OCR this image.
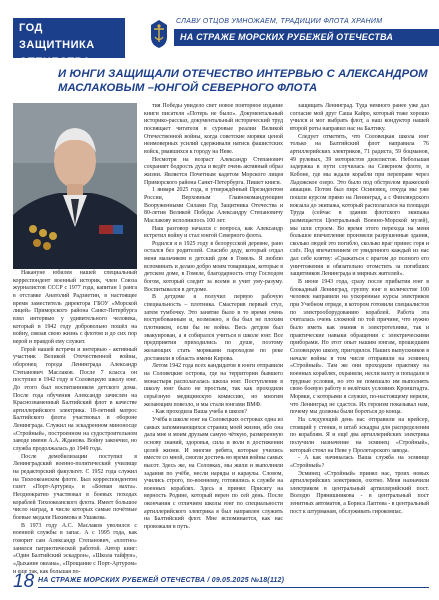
ГОД ЗАЩИТНИКА
ОТЕЧЕСТВА
СЛАВУ ОТЦОВ УМНОЖАЕМ, ТРАДИЦИИ ФЛОТА ХРАНИМ
НА СТРАЖЕ МОРСКИХ РУБЕЖЕЙ ОТЕЧЕСТВА
И ЮНГИ ЗАЩИЩАЛИ ОТЕЧЕСТВО ИНТЕРВЬЮ С АЛЕКСАНДРОМ МАСЛАКОВЫМ –ЮНГОЙ СЕВЕРНОГО ФЛОТА

Накануне юбилея нашей специальный корреспондент военный историк, член Союза журналистов СССР с 1977 года, капитан 1 ранга в отставке Анатолий Радзиетин, в настоящее время заместитель директора ГБОУ «Морской лицей» Приморского района Санкт-Петербурга взял интервью у удивительного человека, который в 1942 году добровольно пошёл на войну, связав свою жизнь с флотом и до сих пор верой и правдой ему служит.

Герой нашей встречи и интервью - активный участник Великой Отечественной войны, оборонец города Ленинграда Александр Степанович Маслаков. После 7 класса он поступил в 1942 году в Соловецкую школу юнг. До этого был воспитанником детского дома. После года обучения Александр зачислен на Краснознаменный Балтийский флот в качестве артиллерийского электрика. 18-летний матрос Балтийского флота участвовал в обороне Ленинграда. Служил на эскадренном миноносце «Стройный», построенном на судостроительном заводе имени А.А. Жданова. Войну закончил, но служба продолжалась до 1949 года.

После демобилизации поступил в Ленинградский военно-политический училище на редакторский факультет. С 1952 года служил на Тихоокеанском флоте. Был корреспондентом газет «Порт-Артурец» и «Боевая вахта». Неоднократно участвовал в боевых походах кораблей Тихоокеанского флота. Имеет большое число наград, в числе которых самые почётные боевые медали Нахимова и Ушакова.

В 1973 году А.С. Маслаков уволился с военной службы в запас. А с 1995 года, как говорит сам Александр Степанович, «плотно» занялся патриотической работой. Автор книг: «Один Балтийский эскадрон», «Школа тайфун», «Дыхание океана», «Прощание с Порт-Артуром» и еще так, как большая по-

тия Победы увидело свет новое повторное издание книги писателя «Потерь не было». Документальный историко-рассказ, документальный исторический труд посвящает читателя в суровые реалии Великой Отечественной войны, когда советские моряки ценой неимоверных усилий сдерживали натиск фашистских войск, рвавшихся к городу на Неве.

Несмотря на возраст Александр Степанович сохраняет бодрость духа и ведёт очень активный образ жизни. Является Почетным кадетом Морского лицея Приморского района Санкт-Петербурга. Пишет книги.

1 января 2025 года, в утверждённый Президентом России, Верховным Главнокомандующим Вооруженными Силами Год Защитника Отечества и 80-летия Великой Победы Александру Степановичу Маслакову исполнилось 100 лет.

Наш разговор начался с вопроса, как Александр встретил войну и стал юнгой Северного флота.

Родился я в 1925 году в белорусской деревне, рано остался без родителей. Спасибо деду, который отдал меня мальчиком в детский дом в Гомель. Я люблю вспоминать и делаю добро моим товарищам, которые в детском доме, в Гомеле, благодарность отцу Господом богом, который следит за всеми и учит уму-разуму. Воспитывался в детдоме.

В детдоме я получил первую рабочую специальность – плотника. Смастерив первый стул, затем тумбочку. Это занятие было в то время очень востребованным и, возможно, я бы был не плохим плотником, если бы не война. Весь детдом был эвакуирован, а я собирался учиться в школе юнг. Все предприятия приходились по душе, поэтому желающих стать моряками пароходом по реке доставили в область имени Кирова.

Летом 1942 года всех кандидатов в юнги отправили на Соловецкие острова, где на территории бывшего монастыря располагалась школа юнг. Поступление в школу юнг было не простым, так как проходили серьёзную медицинскую комиссию, но многим желающим повезло, и мы стали юнгами ВМФ.

- Как проходила Ваша учеба в школе?

Учёба в школе юнг на Соловецких островах одна из самых запоминающихся страниц моей жизни, ибо она дала мне и моим друзьям самую чёткую, размеренную основу знаний, здоровья, сила и воли в достижении целей жизни. И многие ребята, которые учились вместе со мной, смогли достичь во время войны самых высот. Здесь же, на Соловках, мы жили и выполняли задания по учёбе, несли наряды и караулы. Словом, учились строго, по-военному, готовились к службе на военных кораблях. Здесь я принял Присягу на верность Родине, который верен по сей день. После окончания с отличием школы юнг по специальности артиллерийского электрика я был направлен служить на Балтийский флот. Мне вспоминается, как нас провожали в путь.

защищать Ленинград. Туда немного ранее уже дал согласие мой друг Саша Кайро, который тоже хорошо учился и мог выбрать флот, а наш кондуктор нашей второй роты направил нас на Балтику.

Следует отметить, что Соловецкая школа юнг только на Балтийский флот направила 76 артиллерийских электриков, 71 радиста, 59 боцманов, 49 рулевых, 39 мотористов дизелистов. Небольшая задержка в пути случилась на Северном флоте, в Кобоне, где мы ждали корабли при переправе через Ладожское озеро. Это было под обстрелом вражеской авиации. Потом был пирс Осиновец, откуда мы уже пошли курсом прямо на Ленинград, а с Финляндского вокзала до экипажа, который располагался на площади Труда (сейчас в здании флотского экипажа размещается Центральный Военно-Морской музей), мы шли строем. Во время этого перехода на меня большое впечатление произвели разрушенные здания, сколько людей это погибло, сколько враг принес горя и слёз. Под впечатлением от увиденного каждый из нас дал себе клятву: «Сражаться с врагом до полного его уничтожения и обязательно отомстить за погибших защитников Ленинграда и мирных жителей».

В июне 1943 года, сразу после прибытия юнг в блокадный Ленинград, группу юнг в количестве 100 человек направили на ускоренные курсы электриков при Учебном отряде, в котором готовили специалистов по электрооборудованию кораблей. Работа эта считалась очень сложной по той причине, что нужно было иметь как знания в электротехнике, так и практические навыки обращения с электрическими приборами. Но этот опыт нашим юнгам, прошедшим Соловецкую школу, пригодился. Наших выпускников в начале войны в том числе отправили на эсминец «Стройный». Там же они проходили практику на военных кораблях, охраняли, несли вахту и попадали в трудные условия, но это не помешало им выполнять свою боевую работу в нелёгких условиях Кронштадта. Моряки, с которыми я служил, по-настоящему верили, что Ленинград не сдастся. Их героизм показывал нам, почему мы должны были бороться до конца.

На следующий день нас отправили на крейсер, стоящий у стенки, в штаб эскадры для распределения по кораблям. Я и ещё два артиллерийских электрика получили назначение на эсминец «Стройный», который стоял на Неве у Пролетарского завода.

- А как начиналась Ваша служба на эсминце «Стройный»?

Эсминец «Стройный» принял нас, троих новых артиллерийских электриков, охотно. Меня назначили электриком в центральный артиллерийский пост. Володю Прянишникова - в центральный пост зенитных автоматов, а Бориса Лаптева - в центральный пост к штурманам, обслуживать гирокомпас.

18 НА СТРАЖЕ МОРСКИХ РУБЕЖЕЙ ОТЕЧЕСТВА / 09.05.2025 №18(112)
